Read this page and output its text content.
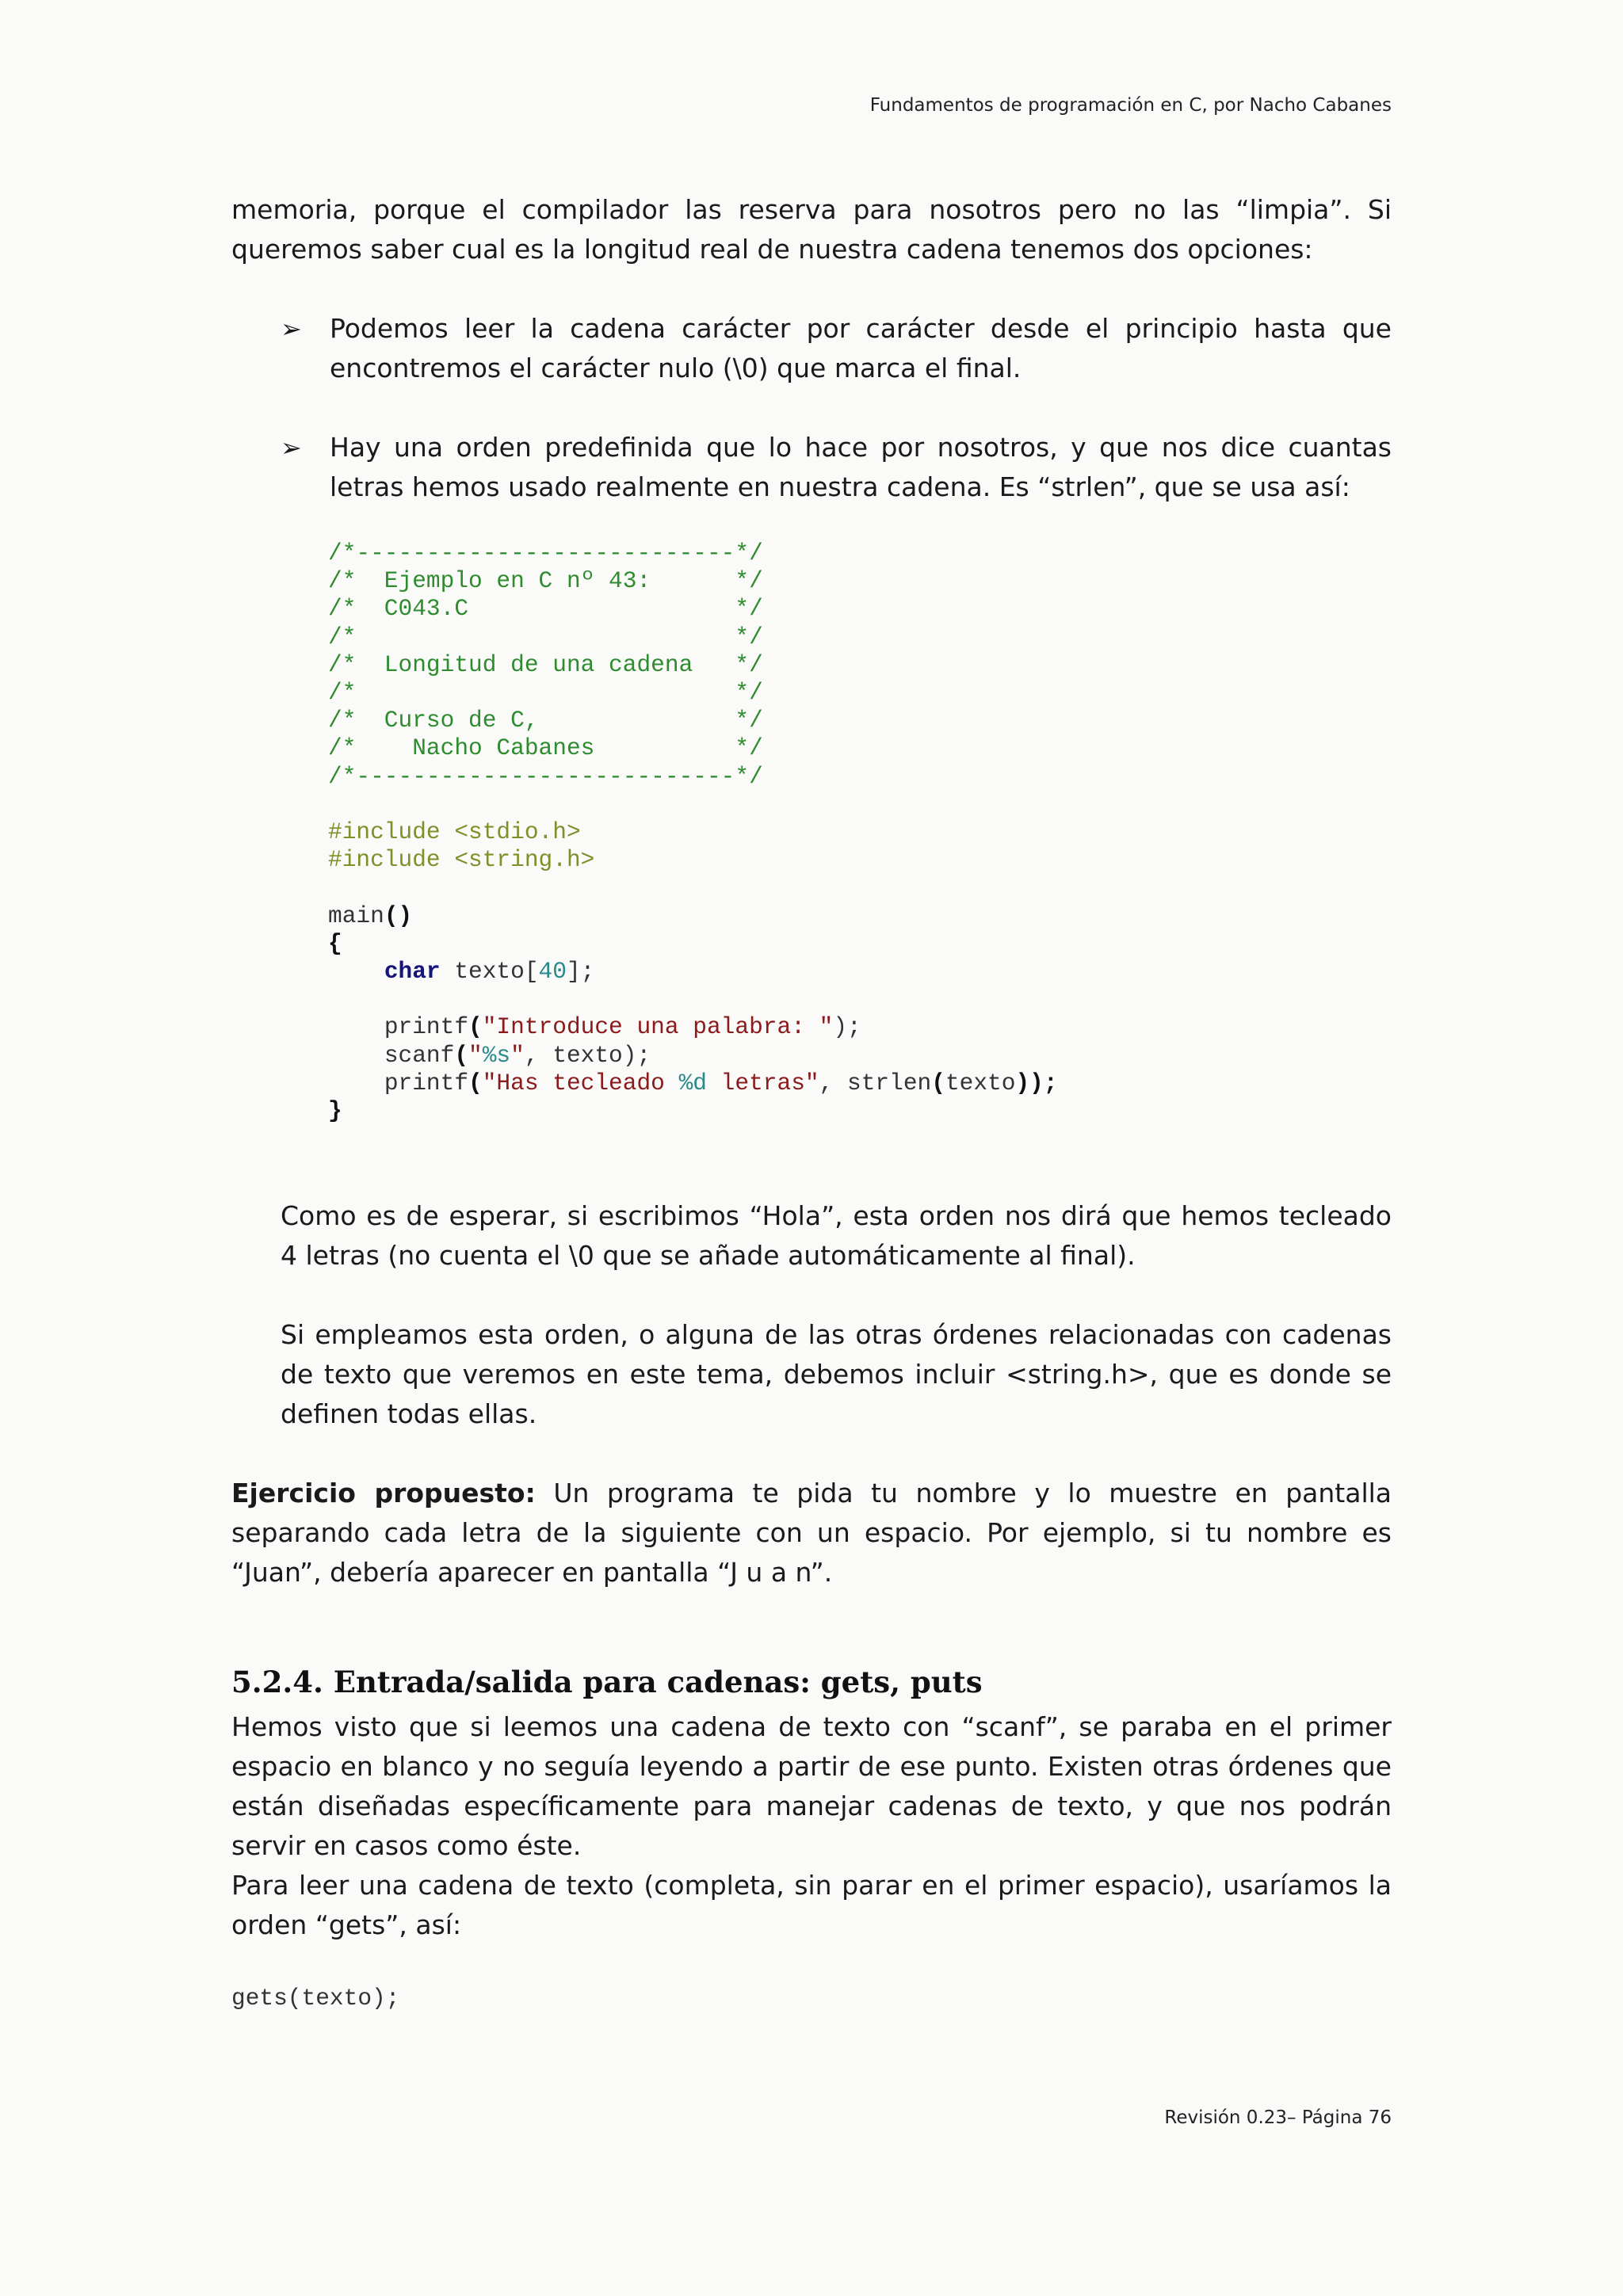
Fundamentos de programación en C, por Nacho Cabanes

memoria, porque el compilador las reserva para nosotros pero no las “limpia”. Si queremos saber cual es la longitud real de nuestra cadena tenemos dos opciones:

➢	Podemos leer la cadena carácter por carácter desde el principio hasta que encontremos el carácter nulo (\0) que marca el final.
➢	Hay una orden predefinida que lo hace por nosotros, y que nos dice cuantas letras hemos usado realmente en nuestra cadena. Es “strlen”, que se usa así:
/*---------------------------*/
/*  Ejemplo en C nº 43:      */
/*  C043.C                   */
/*                           */
/*  Longitud de una cadena   */
/*                           */
/*  Curso de C,              */
/*    Nacho Cabanes          */
/*---------------------------*/

#include <stdio.h>
#include <string.h>

main()
{
char texto[40];

printf("Introduce una palabra: ");
scanf("%s", texto);
printf("Has tecleado %d letras", strlen(texto));
}

Como es de esperar, si escribimos “Hola”, esta orden nos dirá que hemos tecleado 4 letras (no cuenta el \0 que se añade automáticamente al final).

Si empleamos esta orden, o alguna de las otras órdenes relacionadas con cadenas de texto que veremos en este tema, debemos incluir <string.h>, que es donde se definen todas ellas.

Ejercicio propuesto: Un programa te pida tu nombre y lo muestre en pantalla separando cada letra de la siguiente con un espacio. Por ejemplo, si tu nombre es “Juan”, debería aparecer en pantalla “J u a n”.

5.2.4. Entrada/salida para cadenas: gets, puts

Hemos visto que si leemos una cadena de texto con “scanf”, se paraba en el primer espacio en blanco y no seguía leyendo a partir de ese punto. Existen otras órdenes que están diseñadas específicamente para manejar cadenas de texto, y que nos podrán servir en casos como éste.

Para leer una cadena de texto (completa, sin parar en el primer espacio), usaríamos la orden “gets”, así:

gets(texto);
Revisión 0.23– Página 76
